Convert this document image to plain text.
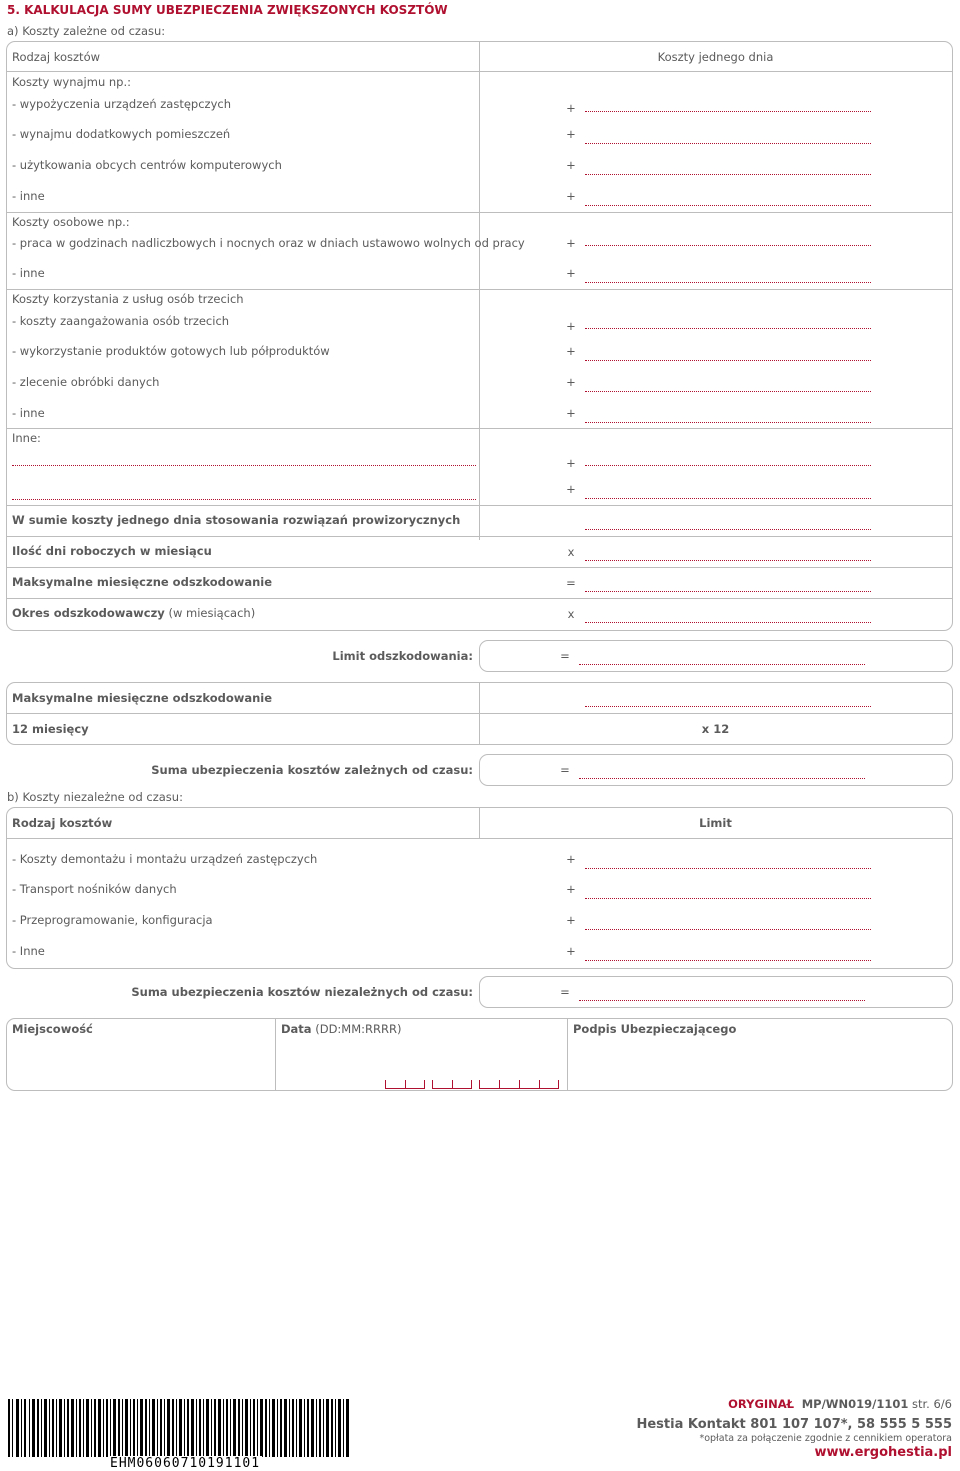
5. KALKULACJA SUMY UBEZPIECZENIA ZWIĘKSZONYCH KOSZTÓW
a) Koszty zależne od czasu:
Rodzaj kosztów	Koszty jednego dnia
Koszty wynajmu np.:
- wypożyczenia urządzeń zastępczych	+
- wynajmu dodatkowych pomieszczeń	+
- użytkowania obcych centrów komputerowych	+
- inne	+
Koszty osobowe np.:
- praca w godzinach nadliczbowych i nocnych oraz w dniach ustawowo wolnych od pracy	+
- inne	+
Koszty korzystania z usług osób trzecich
- koszty zaangażowania osób trzecich	+
- wykorzystanie produktów gotowych lub półproduktów	+
- zlecenie obróbki danych	+
- inne	+
Inne:
+
+
W sumie koszty jednego dnia stosowania rozwiązań prowizorycznych
Ilość dni roboczych w miesiącu	x
Maksymalne miesięczne odszkodowanie	=
Okres odszkodowawczy (w miesiącach)	x
Limit odszkodowania:	=
Maksymalne miesięczne odszkodowanie
12 miesięcy	x 12
Suma ubezpieczenia kosztów zależnych od czasu:	=
b) Koszty niezależne od czasu:
Rodzaj kosztów	Limit
- Koszty demontażu i montażu urządzeń zastępczych	+
- Transport nośników danych	+
- Przeprogramowanie, konfiguracja	+
- Inne	+
Suma ubezpieczenia kosztów niezależnych od czasu:	=
Miejscowość	Data (DD:MM:RRRR)	Podpis Ubezpieczającego
EHM06060710191101
ORYGINAŁ MP/WN019/1101 str. 6/6
Hestia Kontakt 801 107 107*, 58 555 5 555
*opłata za połączenie zgodnie z cennikiem operatora
www.ergohestia.pl
